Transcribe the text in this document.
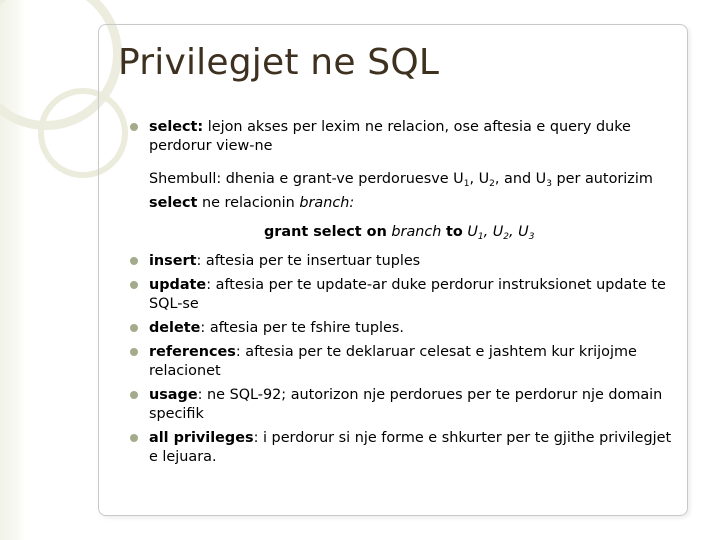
Privilegjet ne SQL
select: lejon akses per lexim ne relacion, ose aftesia e query duke perdorur view-ne
Shembull: dhenia e grant-ve perdoruesve $U_1$, $U_2$, and $U_3$ per autorizim
select ne relacionin branch:
grant select on branch to $U_1$, $U_2$, $U_3$
insert: aftesia per te insertuar tuples
update: aftesia per te update-ar duke perdorur instruksionet update te SQL-se
delete: aftesia per te fshire tuples.
references: aftesia per te deklaruar celesat e jashtem kur krijojme relacionet
usage: ne SQL-92; autorizon nje perdorues per te perdorur nje domain specifik
all privileges: i perdorur si nje forme e shkurter per te gjithe privilegjet e lejuara.
